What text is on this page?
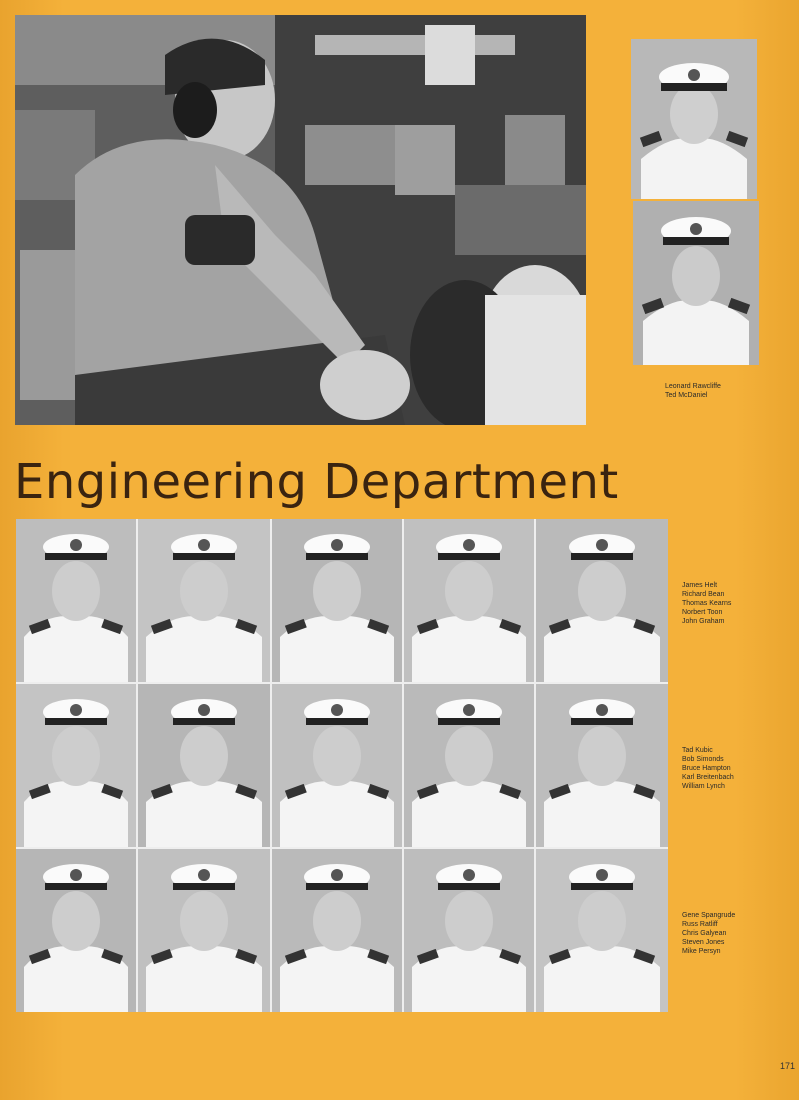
Leonard Rawcliffe
Ted McDaniel
Engineering Department
James Helt
Richard Bean
Thomas Kearns
Norbert Toon
John Graham
Tad Kubic
Bob Simonds
Bruce Hampton
Karl Breitenbach
William Lynch
Gene Spangrude
Russ Ratliff
Chris Galyean
Steven Jones
Mike Persyn
171
